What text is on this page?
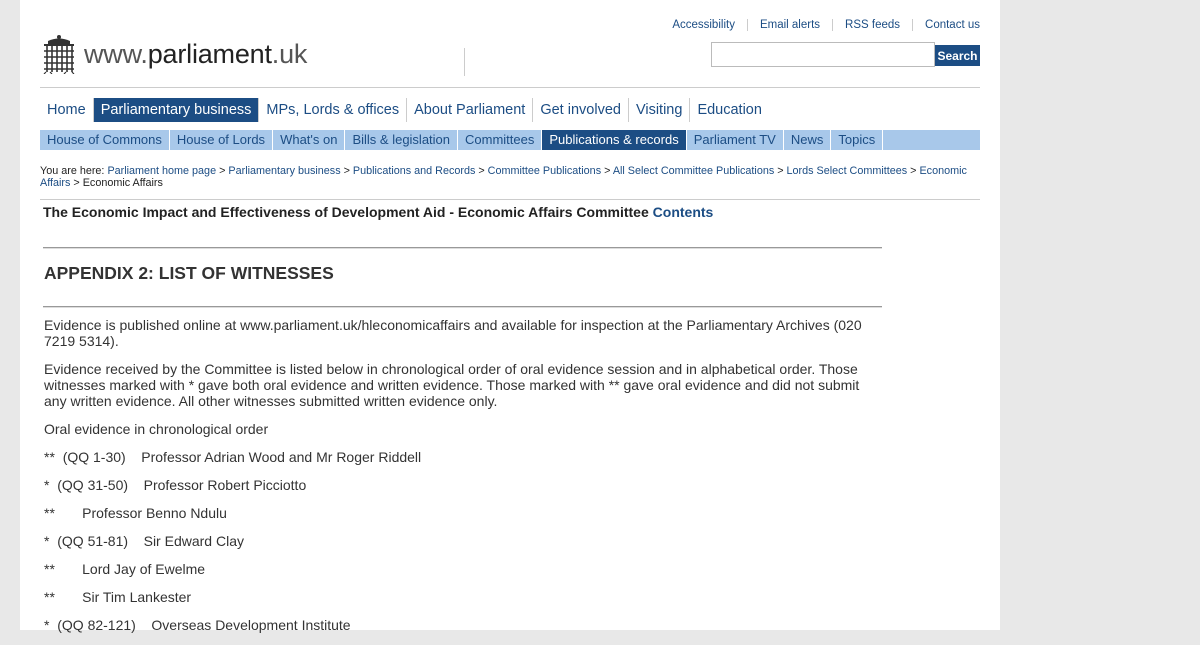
Accessibility	Email alerts	RSS feeds	Contact us
www.parliament.uk	Search
Home	Parliamentary business	MPs, Lords & offices	About Parliament	Get involved	Visiting	Education
House of Commons	House of Lords	What's on	Bills & legislation	Committees	Publications & records	Parliament TV	News	Topics
You are here: Parliament home page > Parliamentary business > Publications and Records > Committee Publications > All Select Committee Publications > Lords Select Committees > Economic Affairs > Economic Affairs
The Economic Impact and Effectiveness of Development Aid - Economic Affairs Committee Contents
APPENDIX 2: LIST OF WITNESSES

Evidence is published online at www.parliament.uk/hleconomicaffairs and available for inspection at the Parliamentary Archives (020 7219 5314).

Evidence received by the Committee is listed below in chronological order of oral evidence session and in alphabetical order. Those witnesses marked with * gave both oral evidence and written evidence. Those marked with ** gave oral evidence and did not submit any written evidence. All other witnesses submitted written evidence only.

Oral evidence in chronological order

** (QQ 1-30) Professor Adrian Wood and Mr Roger Riddell
* (QQ 31-50) Professor Robert Picciotto
** Professor Benno Ndulu
* (QQ 51-81) Sir Edward Clay
** Lord Jay of Ewelme
** Sir Tim Lankester
* (QQ 82-121) Overseas Development Institute
